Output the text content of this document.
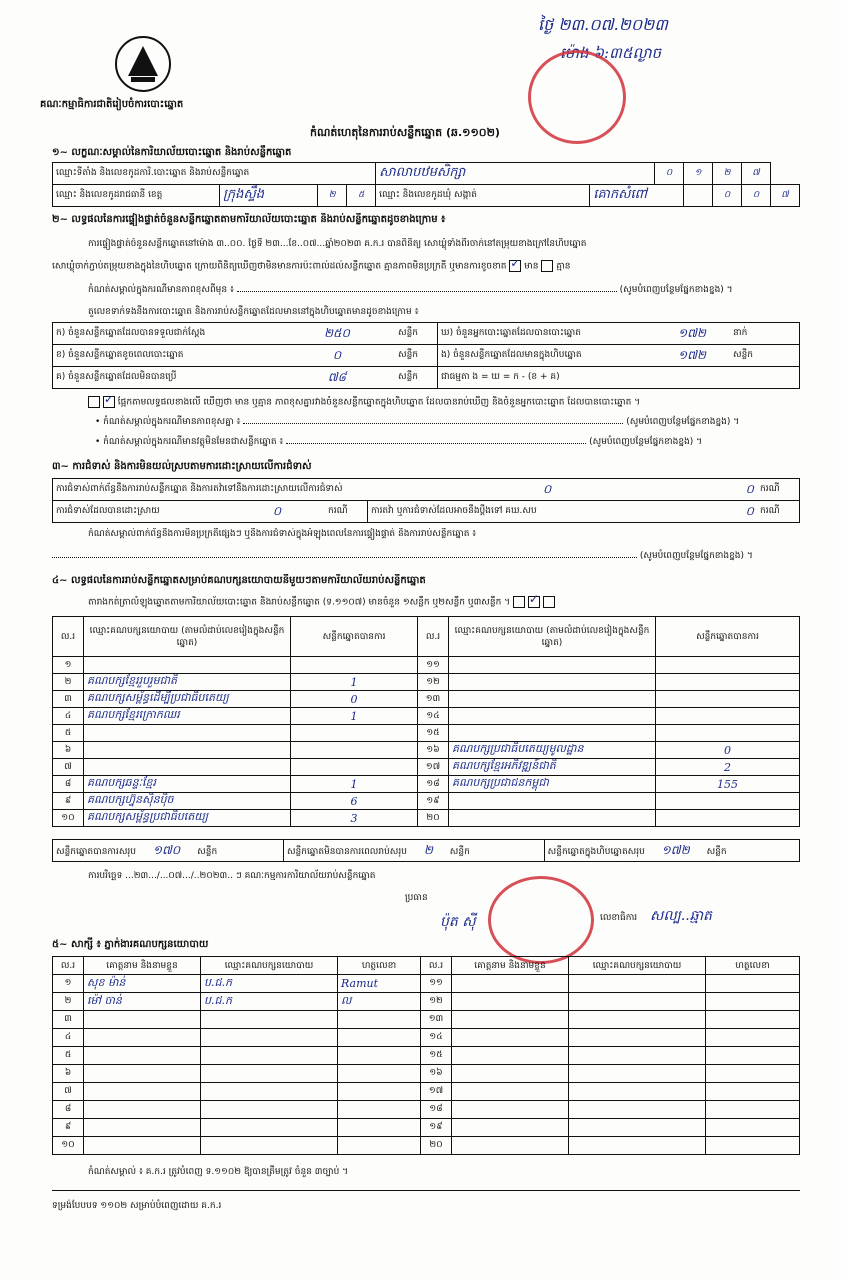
គណៈកម្មាធិការជាតិរៀបចំការបោះឆ្នោត
ថ្ងៃ ២៣.០៧.២០២៣
ម៉ោង ៦:៣៥ល្ងាច
កំណត់ហេតុនៃការរាប់សន្លឹកឆ្នោត (ឆ.១១០២)
១~ លក្ខណៈសម្គាល់នៃការិយាល័យបោះឆ្នោត និងរាប់សន្លឹកឆ្នោត
ឈ្មោះទីតាំង និងលេខកូដការិ.បោះឆ្នោត និងរាប់សន្លឹកឆ្នោត				សាលាបឋមសិក្សា		០	១	២	៧	
ឈ្មោះ និងលេខកូដរាជធានី ខេត្ត	ក្រុងស្ទឹង	២	៥	ឈ្មោះ និងលេខកូដឃុំ សង្កាត់	គោកសំពៅ			០	០	៧
២~ លទ្ធផលនៃការផ្ទៀងផ្ទាត់ចំនួនសន្លឹកឆ្នោតតាមការិយាល័យបោះឆ្នោត និងរាប់សន្លឹកឆ្នោតដូចខាងក្រោម ៖
ការផ្ទៀងផ្ទាត់ចំនួនសន្លឹកឆ្នោតនៅម៉ោង ៣..០០. ថ្ងៃទី ២៣...ខែ..០៧...ឆ្នាំ២០២៣ គ.ក.រ បានពិនិត្យ សោឃ្លុំទាំងពីរចាក់នៅតម្រុយខាងក្រៅនៃហិបឆ្នោត
សោឃ្លុំចាក់ភ្ជាប់តម្រុយខាងក្នុងនៃហិបឆ្នោត ក្រោយពិនិត្យឃើញថាមិនមានការប៉ះពាល់ដល់សន្លឹកឆ្នោត គ្មានភាពមិនប្រក្រតី ឬមានការខូចខាត ✓ មាន គ្មាន
កំណត់សម្គាល់ក្នុងករណីមានភាពខុសពីមុន ៖	(សូមបំពេញបន្ថែមផ្នែកខាងខ្នង) ។
តួលេខទាក់ទងនឹងការបោះឆ្នោត និងការរាប់សន្លឹកឆ្នោតដែលមាននៅក្នុងហិបឆ្នោតមានដូចខាងក្រោម ៖
ក) ចំនួនសន្លឹកឆ្នោតដែលបានទទួលជាក់ស្តែង	២៥០	សន្លឹក	ឃ) ចំនួនអ្នកបោះឆ្នោតដែលបានបោះឆ្នោត	១៧២	នាក់
ខ) ចំនួនសន្លឹកឆ្នោតខូចពេលបោះឆ្នោត	០	សន្លឹក	ង) ចំនួនសន្លឹកឆ្នោតដែលមានក្នុងហិបឆ្នោត	១៧២	សន្លឹក
គ) ចំនួនសន្លឹកឆ្នោតដែលមិនបានប្រើ	៧៨	សន្លឹក	ជាធម្មតា ង = ឃ = ក - (ខ + គ)		
✓ ផ្អែកតាមលទ្ធផលខាងលើ ឃើញថា មាន ឬគ្មាន ភាពខុសគ្នារវាងចំនួនសន្លឹកឆ្នោតក្នុងហិបឆ្នោត ដែលបានរាប់ឃើញ និងចំនួនអ្នកបោះឆ្នោត ដែលបានបោះឆ្នោត ។
• កំណត់សម្គាល់ក្នុងករណីមានភាពខុសគ្នា ៖	(សូមបំពេញបន្ថែមផ្នែកខាងខ្នង) ។
• កំណត់សម្គាល់ក្នុងករណីមានវត្ថុមិនមែនជាសន្លឹកឆ្នោត ៖	(សូមបំពេញបន្ថែមផ្នែកខាងខ្នង) ។
៣~ ការជំទាស់ និងការមិនយល់ស្របតាមការដោះស្រាយលើការជំទាស់
ការជំទាស់ពាក់ព័ន្ធនឹងការរាប់សន្លឹកឆ្នោត និងការតវ៉ាទៅនឹងការដោះស្រាយលើការជំទាស់			០	០	ករណី
ការជំទាស់ដែលបានដោះស្រាយ	០	ករណី	ការតវ៉ា ឬការជំទាស់ដែលអាចនឹងប្តឹងទៅ គឃ.សប	០	ករណី
កំណត់សម្គាល់ពាក់ព័ន្ធនឹងការមិនប្រក្រតីផ្សេងៗ ឬនឹងការជំទាស់ក្នុងអំឡុងពេលនៃការផ្ទៀងផ្ទាត់ និងការរាប់សន្លឹកឆ្នោត ៖
(សូមបំពេញបន្ថែមផ្នែកខាងខ្នង) ។
៤~ លទ្ធផលនៃការរាប់សន្លឹកឆ្នោតសម្រាប់គណបក្សនយោបាយនីមួយៗតាមការិយាល័យរាប់សន្លឹកឆ្នោត
តារាងកត់ត្រាលំឡុងឆ្នោតតាមការិយាល័យបោះឆ្នោត និងរាប់សន្លឹកឆ្នោត (ទ.១១០៧) មានចំនួន ១សន្លឹក ឬ២សន្លឹក ឬ៣សន្លឹក ។  ✓
ល.រ	ឈ្មោះគណបក្សនយោបាយ (តាមលំដាប់លេខរៀងក្នុងសន្លឹកឆ្នោត)	សន្លឹកឆ្នោតបានការ	ល.រ	ឈ្មោះគណបក្សនយោបាយ (តាមលំដាប់លេខរៀងក្នុងសន្លឹកឆ្នោត)	សន្លឹកឆ្នោតបានការ
១			១១		
២	គណបក្សខ្មែររួបរួមជាតិ	1	១២		
៣	គណបក្សសម្ព័ន្ធដើម្បីប្រជាធិបតេយ្យ	0	១៣		
៤	គណបក្សខ្មែរក្រោកឈរ	1	១៤		
៥			១៥		
៦			១៦	គណបក្សប្រជាធិបតេយ្យមូលដ្ឋាន	0
៧			១៧	គណបក្សខ្មែរអភិវឌ្ឍន៍ជាតិ	2
៨	គណបក្សឆន្ទៈខ្មែរ	1	១៨	គណបក្សប្រជាជនកម្ពុជា	155
៩	គណបក្សហ្វ៊ុនស៊ិនប៉ិច	6	១៩		
១០	គណបក្សសម្ព័ន្ធប្រជាធិបតេយ្យ	3	២០		
សន្លឹកឆ្នោតបានការសរុប ១៧០ សន្លឹក	សន្លឹកឆ្នោតមិនបានការពេលរាប់សរុប ២ សន្លឹក	សន្លឹកឆ្នោតក្នុងហិបឆ្នោតសរុប ១៧២ សន្លឹក
ការបរិច្ឆេទ ...២៣.../...០៧.../..២០២៣.. ៗ គណៈកម្មការការិយាល័យរាប់សន្លឹកឆ្នោត
ប្រធាន
លេខាធិការ
ប៉ុត ស៊ី	សល្ប..ឆ្មាត
៥~ សាក្សី ៖ ភ្នាក់ងារគណបក្សនយោបាយ
ល.រ	គោត្តនាម និងនាមខ្លួន	ឈ្មោះគណបក្សនយោបាយ	ហត្ថលេខា	ល.រ	គោត្តនាម និងនាមខ្លួន	ឈ្មោះគណបក្សនយោបាយ	ហត្ថលេខា
១	សុខ ម៉ាន់	ប.ជ.ក	Ramut	១១			
២	ម៉ៅ ចាន់	ប.ជ.ក	ល	១២			
៣				១៣			
៤				១៤			
៥				១៥			
៦				១៦			
៧				១៧			
៨				១៨			
៩				១៩			
១០				២០			
កំណត់សម្គាល់ ៖ គ.ក.រ ត្រូវបំពេញ ទ.១១០២ ឱ្យបានត្រឹមត្រូវ ចំនួន ៣ច្បាប់ ។
ទម្រង់បែបបទ ១១០២ សម្រាប់បំពេញដោយ គ.ក.រ
